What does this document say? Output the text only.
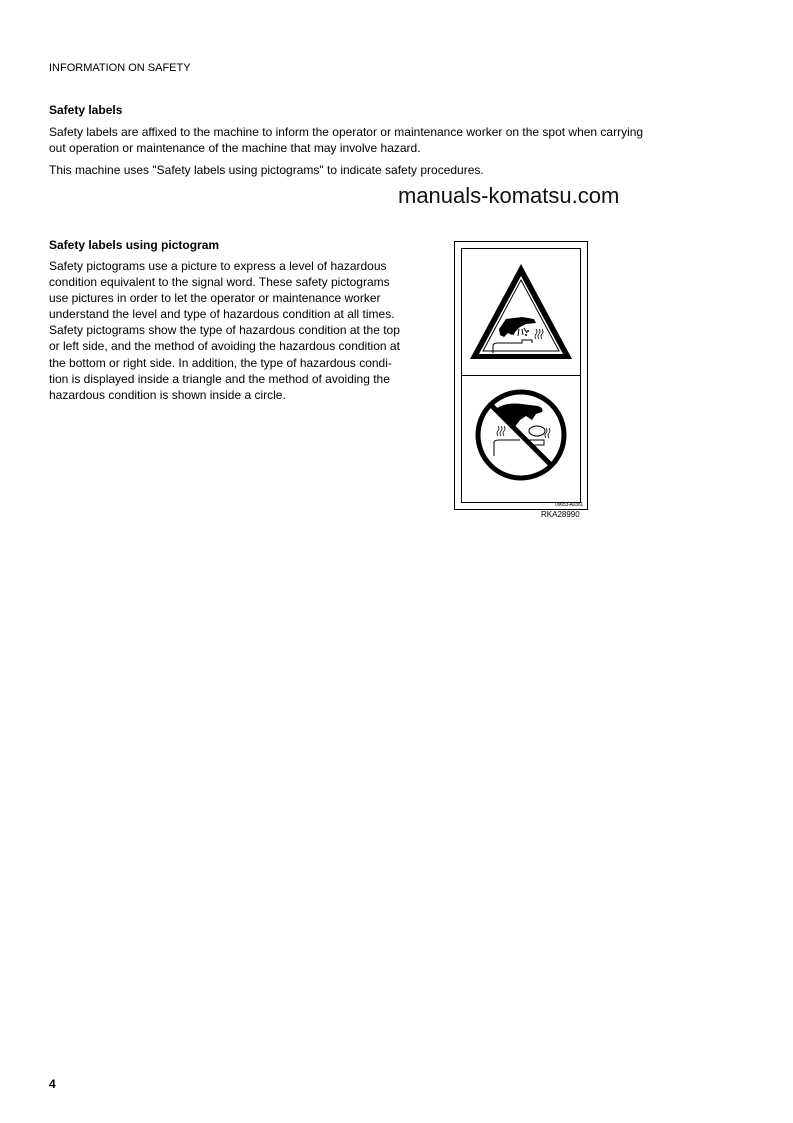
INFORMATION ON SAFETY
Safety labels
Safety labels are affixed to the machine to inform the operator or maintenance worker on the spot when carrying
out operation or maintenance of the machine that may involve hazard.
This machine uses "Safety labels using pictograms" to indicate safety procedures.
manuals-komatsu.com
Safety labels using pictogram
Safety pictograms use a picture to express a level of hazardous
condition equivalent to the signal word. These safety pictograms
use pictures in order to let the operator or maintenance worker
understand the level and type of hazardous condition at all times.
Safety pictograms show the type of hazardous condition at the top
or left side, and the method of avoiding the hazardous condition at
the bottom or right side. In addition, the type of hazardous condi-
tion is displayed inside a triangle and the method of avoiding the
hazardous condition is shown inside a circle.
09653-A0361
RKA28990
4
